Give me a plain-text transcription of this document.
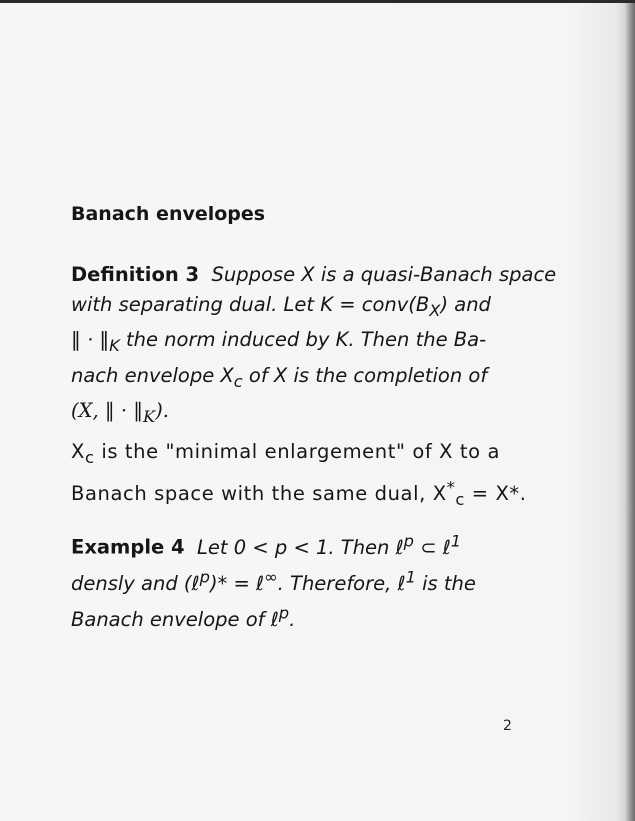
Banach envelopes
Definition 3 Suppose X is a quasi-Banach space
with separating dual. Let $K = conv(B_X)$ and
‖ · $‖_K$ the norm induced by K. Then the Ba-
nach envelope $X_c$ of X is the completion of
(X, ‖ · $‖_K$).
$X_c$ is the "minimal enlargement" of X to a
Banach space with the same dual, $X^*_c = X*$.
Example 4 Let 0 < p < 1. Then ℓ$^p$ ⊂ ℓ$^1$
densly and (ℓ$^p$)* = ℓ∞. Therefore, ℓ$^1$ is the
Banach envelope of ℓ$^p$.
2
